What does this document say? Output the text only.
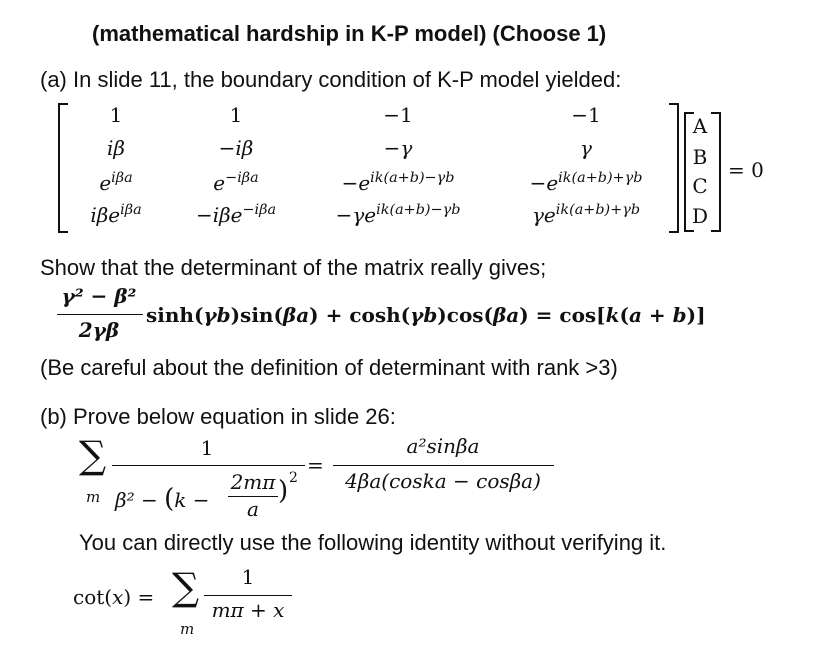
(mathematical hardship in K-P model) (Choose 1)
(a) In slide 11, the boundary condition of K-P model yielded:
1	1	−1	−1
iβ	−iβ	−γ	γ
$e^{i\beta a}$	$e^{-i\beta a}$	$-e^{ik(a+b)-\gamma b}$	$-e^{ik(a+b)+\gamma b}$
iβe$^{i\beta a}$	−iβe$^{-i\beta a}$	$-\gamma e^{ik(a+b)-\gamma b}$	$\gamma e^{ik(a+b)+\gamma b}$
A
B
C
D
= 0
Show that the determinant of the matrix really gives;
γ² − β²
2γβ
sinh(γb)sin(βa) + cosh(γb)cos(βa) = cos[k(a + b)]
(Be careful about the definition of determinant with rank >3)
(b) Prove below equation in slide 26:
∑
m
1
β² − (k −
2mπ
a
) 2
=
a²sinβa
4βa(coska − cosβa)
You can directly use the following identity without verifying it.
cot(x) = ∑
m
1
mπ + x
